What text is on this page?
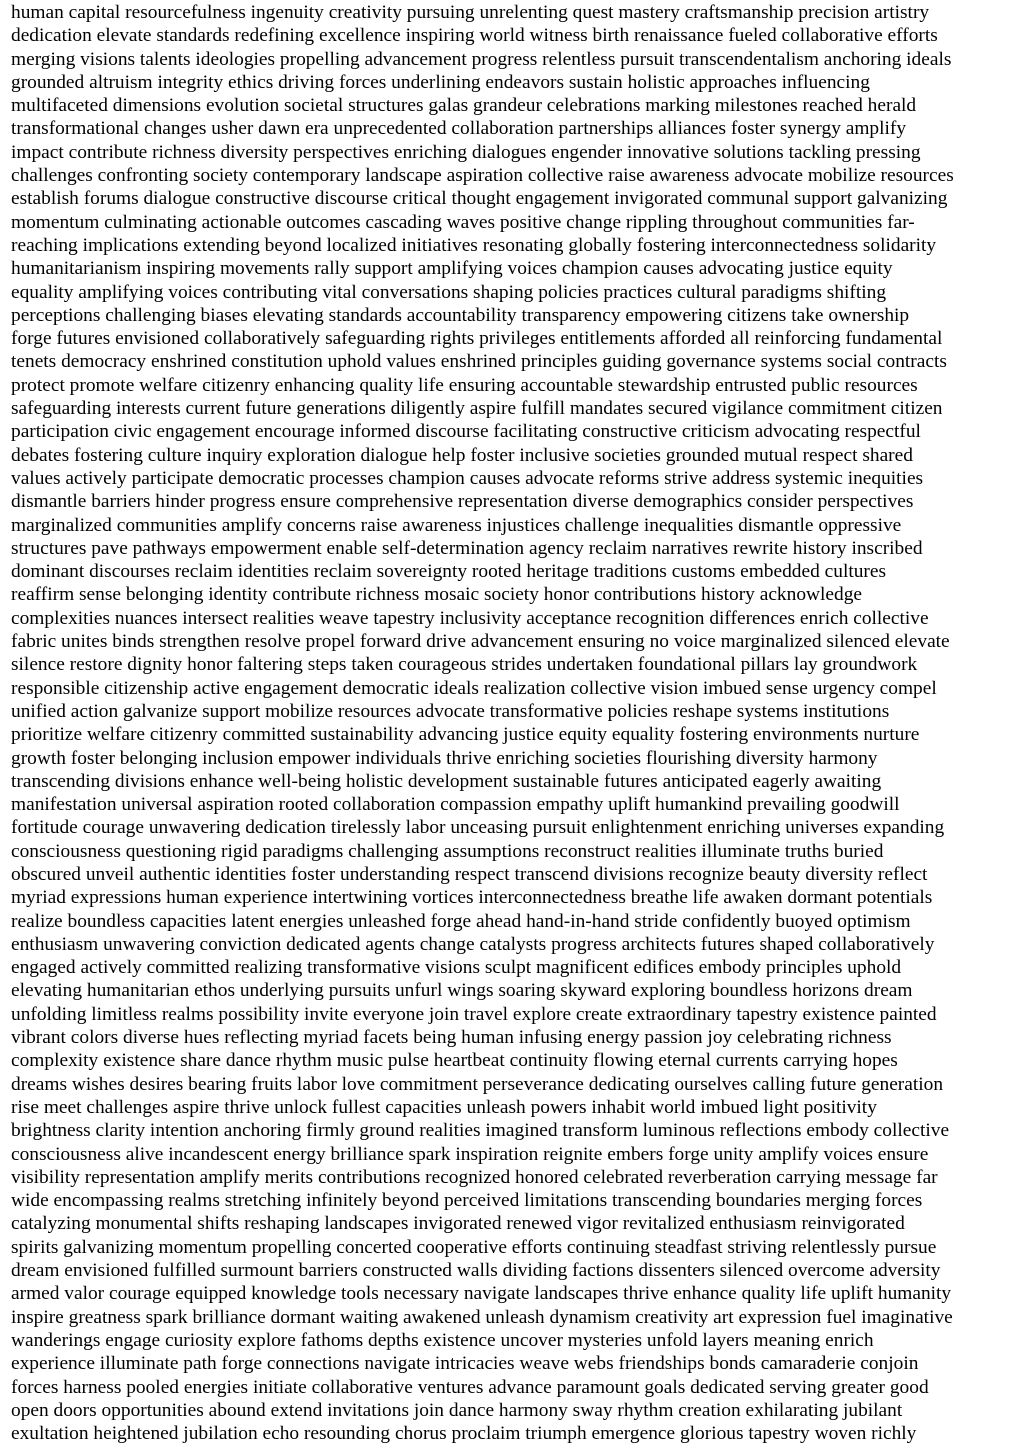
human capital resourcefulness ingenuity creativity pursuing unrelenting quest mastery craftsmanship precision artistry
dedication elevate standards redefining excellence inspiring world witness birth renaissance fueled collaborative efforts
merging visions talents ideologies propelling advancement progress relentless pursuit transcendentalism anchoring ideals
grounded altruism integrity ethics driving forces underlining endeavors sustain holistic approaches influencing
multifaceted dimensions evolution societal structures galas grandeur celebrations marking milestones reached herald
transformational changes usher dawn era unprecedented collaboration partnerships alliances foster synergy amplify
impact contribute richness diversity perspectives enriching dialogues engender innovative solutions tackling pressing
challenges confronting society contemporary landscape aspiration collective raise awareness advocate mobilize resources
establish forums dialogue constructive discourse critical thought engagement invigorated communal support galvanizing
momentum culminating actionable outcomes cascading waves positive change rippling throughout communities far-
reaching implications extending beyond localized initiatives resonating globally fostering interconnectedness solidarity
humanitarianism inspiring movements rally support amplifying voices champion causes advocating justice equity
equality amplifying voices contributing vital conversations shaping policies practices cultural paradigms shifting
perceptions challenging biases elevating standards accountability transparency empowering citizens take ownership
forge futures envisioned collaboratively safeguarding rights privileges entitlements afforded all reinforcing fundamental
tenets democracy enshrined constitution uphold values enshrined principles guiding governance systems social contracts
protect promote welfare citizenry enhancing quality life ensuring accountable stewardship entrusted public resources
safeguarding interests current future generations diligently aspire fulfill mandates secured vigilance commitment citizen
participation civic engagement encourage informed discourse facilitating constructive criticism advocating respectful
debates fostering culture inquiry exploration dialogue help foster inclusive societies grounded mutual respect shared
values actively participate democratic processes champion causes advocate reforms strive address systemic inequities
dismantle barriers hinder progress ensure comprehensive representation diverse demographics consider perspectives
marginalized communities amplify concerns raise awareness injustices challenge inequalities dismantle oppressive
structures pave pathways empowerment enable self-determination agency reclaim narratives rewrite history inscribed
dominant discourses reclaim identities reclaim sovereignty rooted heritage traditions customs embedded cultures
reaffirm sense belonging identity contribute richness mosaic society honor contributions history acknowledge
complexities nuances intersect realities weave tapestry inclusivity acceptance recognition differences enrich collective
fabric unites binds strengthen resolve propel forward drive advancement ensuring no voice marginalized silenced elevate
silence restore dignity honor faltering steps taken courageous strides undertaken foundational pillars lay groundwork
responsible citizenship active engagement democratic ideals realization collective vision imbued sense urgency compel
unified action galvanize support mobilize resources advocate transformative policies reshape systems institutions
prioritize welfare citizenry committed sustainability advancing justice equity equality fostering environments nurture
growth foster belonging inclusion empower individuals thrive enriching societies flourishing diversity harmony
transcending divisions enhance well-being holistic development sustainable futures anticipated eagerly awaiting
manifestation universal aspiration rooted collaboration compassion empathy uplift humankind prevailing goodwill
fortitude courage unwavering dedication tirelessly labor unceasing pursuit enlightenment enriching universes expanding
consciousness questioning rigid paradigms challenging assumptions reconstruct realities illuminate truths buried
obscured unveil authentic identities foster understanding respect transcend divisions recognize beauty diversity reflect
myriad expressions human experience intertwining vortices interconnectedness breathe life awaken dormant potentials
realize boundless capacities latent energies unleashed forge ahead hand-in-hand stride confidently buoyed optimism
enthusiasm unwavering conviction dedicated agents change catalysts progress architects futures shaped collaboratively
engaged actively committed realizing transformative visions sculpt magnificent edifices embody principles uphold
elevating humanitarian ethos underlying pursuits unfurl wings soaring skyward exploring boundless horizons dream
unfolding limitless realms possibility invite everyone join travel explore create extraordinary tapestry existence painted
vibrant colors diverse hues reflecting myriad facets being human infusing energy passion joy celebrating richness
complexity existence share dance rhythm music pulse heartbeat continuity flowing eternal currents carrying hopes
dreams wishes desires bearing fruits labor love commitment perseverance dedicating ourselves calling future generation
rise meet challenges aspire thrive unlock fullest capacities unleash powers inhabit world imbued light positivity
brightness clarity intention anchoring firmly ground realities imagined transform luminous reflections embody collective
consciousness alive incandescent energy brilliance spark inspiration reignite embers forge unity amplify voices ensure
visibility representation amplify merits contributions recognized honored celebrated reverberation carrying message far
wide encompassing realms stretching infinitely beyond perceived limitations transcending boundaries merging forces
catalyzing monumental shifts reshaping landscapes invigorated renewed vigor revitalized enthusiasm reinvigorated
spirits galvanizing momentum propelling concerted cooperative efforts continuing steadfast striving relentlessly pursue
dream envisioned fulfilled surmount barriers constructed walls dividing factions dissenters silenced overcome adversity
armed valor courage equipped knowledge tools necessary navigate landscapes thrive enhance quality life uplift humanity
inspire greatness spark brilliance dormant waiting awakened unleash dynamism creativity art expression fuel imaginative
wanderings engage curiosity explore fathoms depths existence uncover mysteries unfold layers meaning enrich
experience illuminate path forge connections navigate intricacies weave webs friendships bonds camaraderie conjoin
forces harness pooled energies initiate collaborative ventures advance paramount goals dedicated serving greater good
open doors opportunities abound extend invitations join dance harmony sway rhythm creation exhilarating jubilant
exultation heightened jubilation echo resounding chorus proclaim triumph emergence glorious tapestry woven richly
